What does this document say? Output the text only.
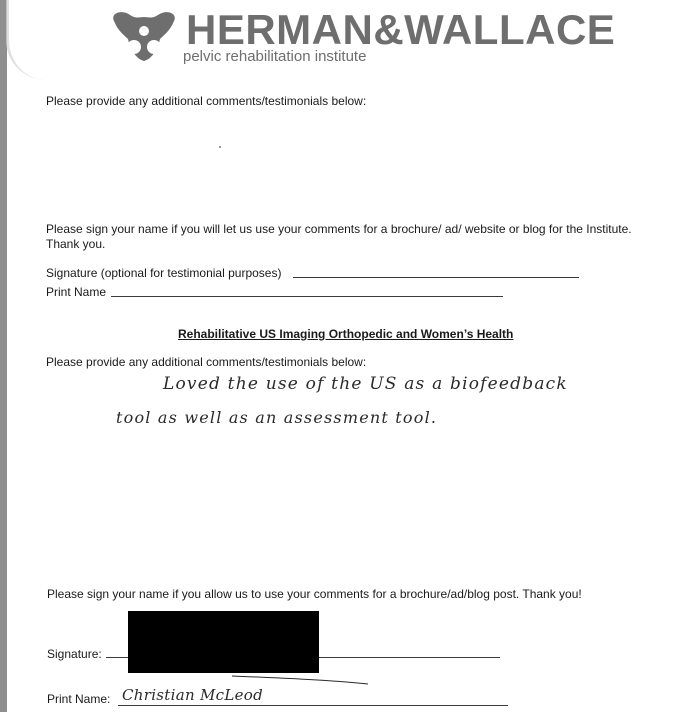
HERMAN&WALLACE
pelvic rehabilitation institute
Please provide any additional comments/testimonials below:
Please sign your name if you will let us use your comments for a brochure/ ad/ website or blog for the Institute.
Thank you.
Signature (optional for testimonial purposes)
Print Name
Rehabilitative US Imaging Orthopedic and Women’s Health
Please provide any additional comments/testimonials below:
Loved the use of the US as a biofeedback
tool as well as an assessment tool.
Please sign your name if you allow us to use your comments for a brochure/ad/blog post. Thank you!
Signature:
Print Name: Christian McLeod
